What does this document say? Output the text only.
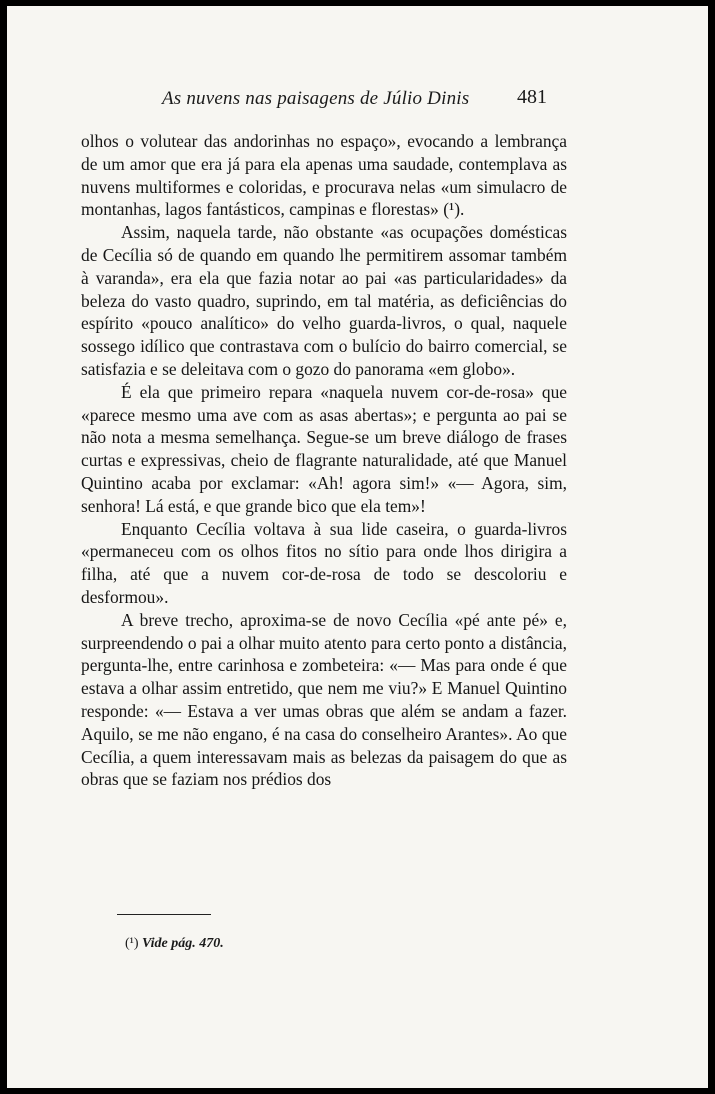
As nuvens nas paisagens de Júlio Dinis 481

olhos o volutear das andorinhas no espaço», evocando a lembrança de um amor que era já para ela apenas uma saudade, contemplava as nuvens multiformes e coloridas, e procurava nelas «um simulacro de montanhas, lagos fantásticos, campinas e florestas» (¹).

Assim, naquela tarde, não obstante «as ocupações domésticas de Cecília só de quando em quando lhe permitirem assomar também à varanda», era ela que fazia notar ao pai «as particularidades» da beleza do vasto quadro, suprindo, em tal matéria, as deficiências do espírito «pouco analítico» do velho guarda-livros, o qual, naquele sossego idílico que contrastava com o bulício do bairro comercial, se satisfazia e se deleitava com o gozo do panorama «em globo».

É ela que primeiro repara «naquela nuvem cor-de-rosa» que «parece mesmo uma ave com as asas abertas»; e pergunta ao pai se não nota a mesma semelhança. Segue-se um breve diálogo de frases curtas e expressivas, cheio de flagrante naturalidade, até que Manuel Quintino acaba por exclamar: «Ah! agora sim!» «— Agora, sim, senhora! Lá está, e que grande bico que ela tem»!

Enquanto Cecília voltava à sua lide caseira, o guarda-livros «permaneceu com os olhos fitos no sítio para onde lhos dirigira a filha, até que a nuvem cor-de-rosa de todo se descoloriu e desformou».

A breve trecho, aproxima-se de novo Cecília «pé ante pé» e, surpreendendo o pai a olhar muito atento para certo ponto a distância, pergunta-lhe, entre carinhosa e zombeteira: «— Mas para onde é que estava a olhar assim entretido, que nem me viu?» E Manuel Quintino responde: «— Estava a ver umas obras que além se andam a fazer. Aquilo, se me não engano, é na casa do conselheiro Arantes». Ao que Cecília, a quem interessavam mais as belezas da paisagem do que as obras que se faziam nos prédios dos

(¹) Vide pág. 470.
